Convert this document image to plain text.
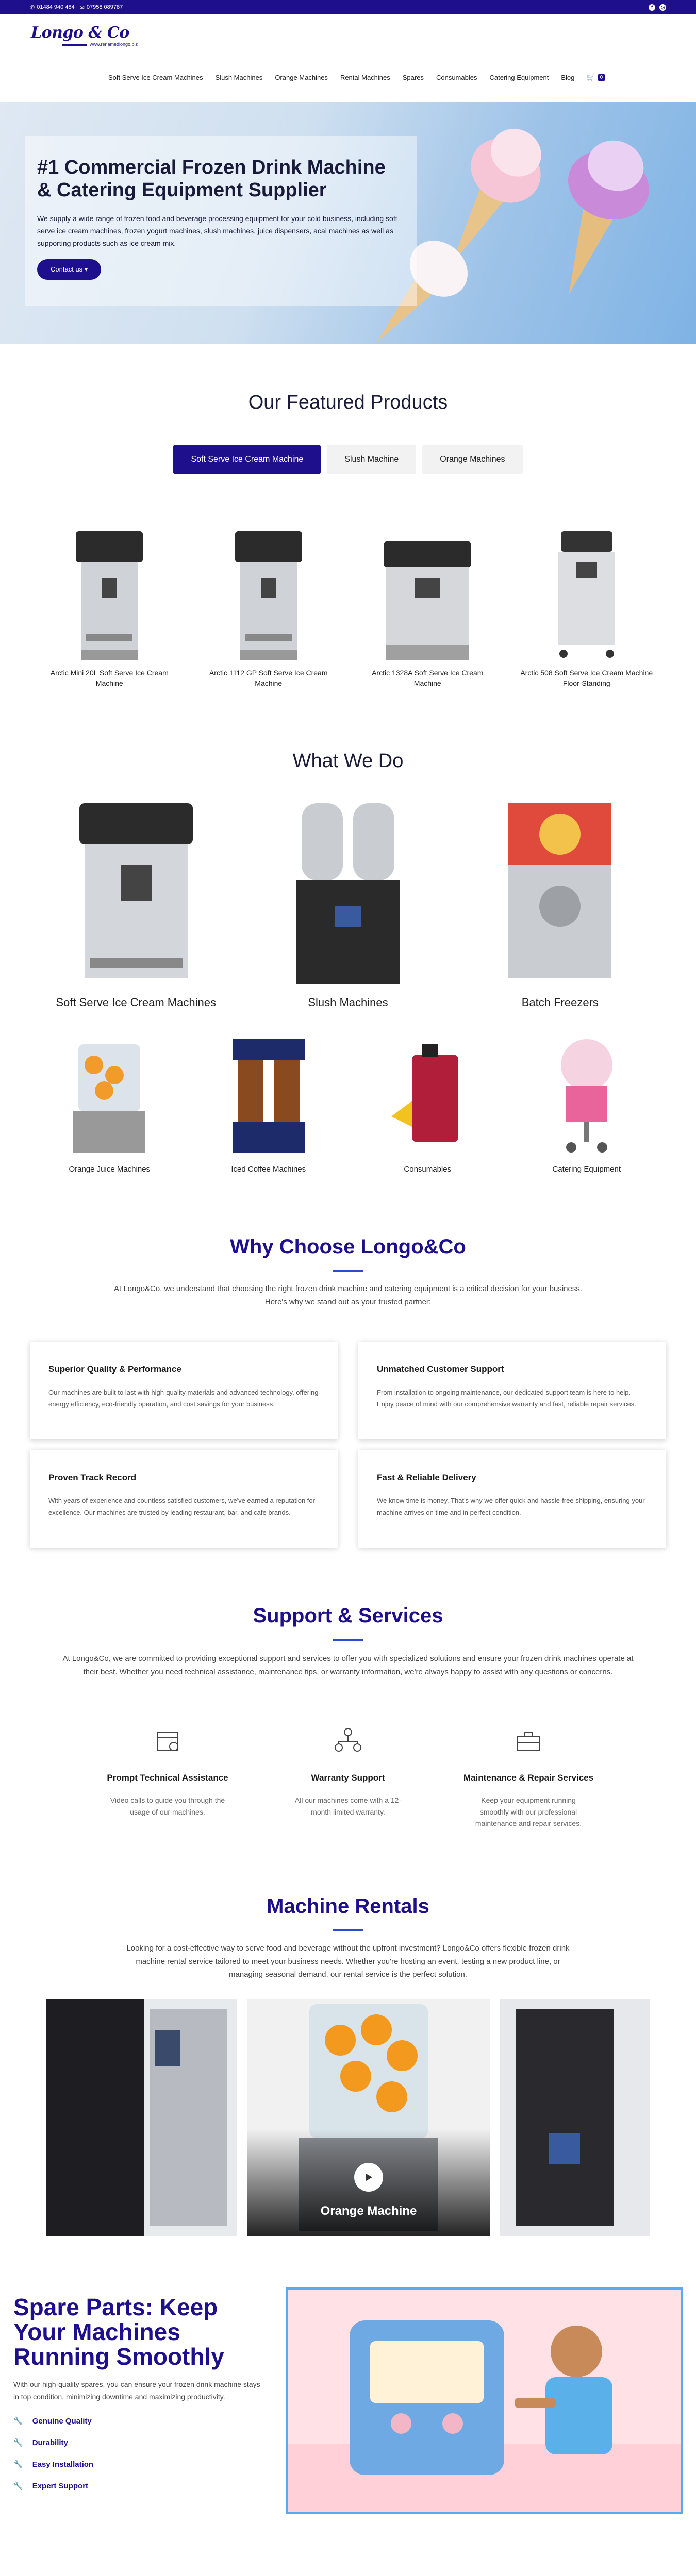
✆ 01484 940 484 ✉ 07958 089787	f	◎
Longo & Co
www.renamedlongo.biz
Soft Serve Ice Cream Machines Slush Machines Orange Machines Rental Machines Spares Consumables Catering Equipment Blog 🛒 0
#1 Commercial Frozen Drink Machine & Catering Equipment Supplier

We supply a wide range of frozen food and beverage processing equipment for your cold business, including soft serve ice cream machines, frozen yogurt machines, slush machines, juice dispensers, acai machines as well as supporting products such as ice cream mix.

Contact us ▾
Our Featured Products
Soft Serve Ice Cream Machine	Slush Machine	Orange Machines
Arctic Mini 20L Soft Serve Ice Cream Machine
Arctic 1112 GP Soft Serve Ice Cream Machine
Arctic 1328A Soft Serve Ice Cream Machine
Arctic 508 Soft Serve Ice Cream Machine Floor-Standing
What We Do
Soft Serve Ice Cream Machines	Slush Machines	Batch Freezers
Orange Juice Machines	Iced Coffee Machines	Consumables	Catering Equipment
Why Choose Longo&Co

At Longo&Co, we understand that choosing the right frozen drink machine and catering equipment is a critical decision for your business. Here's why we stand out as your trusted partner:

Superior Quality & Performance

Our machines are built to last with high-quality materials and advanced technology, offering energy efficiency, eco-friendly operation, and cost savings for your business.

Unmatched Customer Support

From installation to ongoing maintenance, our dedicated support team is here to help. Enjoy peace of mind with our comprehensive warranty and fast, reliable repair services.

Proven Track Record

With years of experience and countless satisfied customers, we've earned a reputation for excellence. Our machines are trusted by leading restaurant, bar, and cafe brands.

Fast & Reliable Delivery

We know time is money. That's why we offer quick and hassle-free shipping, ensuring your machine arrives on time and in perfect condition.

Support & Services

At Longo&Co, we are committed to providing exceptional support and services to offer you with specialized solutions and ensure your frozen drink machines operate at their best. Whether you need technical assistance, maintenance tips, or warranty information, we're always happy to assist with any questions or concerns.

Prompt Technical Assistance

Video calls to guide you through the usage of our machines.

Warranty Support

All our machines come with a 12-month limited warranty.

Maintenance & Repair Services

Keep your equipment running smoothly with our professional maintenance and repair services.

Machine Rentals

Looking for a cost-effective way to serve food and beverage without the upfront investment? Longo&Co offers flexible frozen drink machine rental service tailored to meet your business needs. Whether you're hosting an event, testing a new product line, or managing seasonal demand, our rental service is the perfect solution.

Orange Machine
Spare Parts: Keep Your Machines Running Smoothly

With our high-quality spares, you can ensure your frozen drink machine stays in top condition, minimizing downtime and maximizing productivity.

🔧 Genuine Quality
🔧 Durability
🔧 Easy Installation
🔧 Expert Support
